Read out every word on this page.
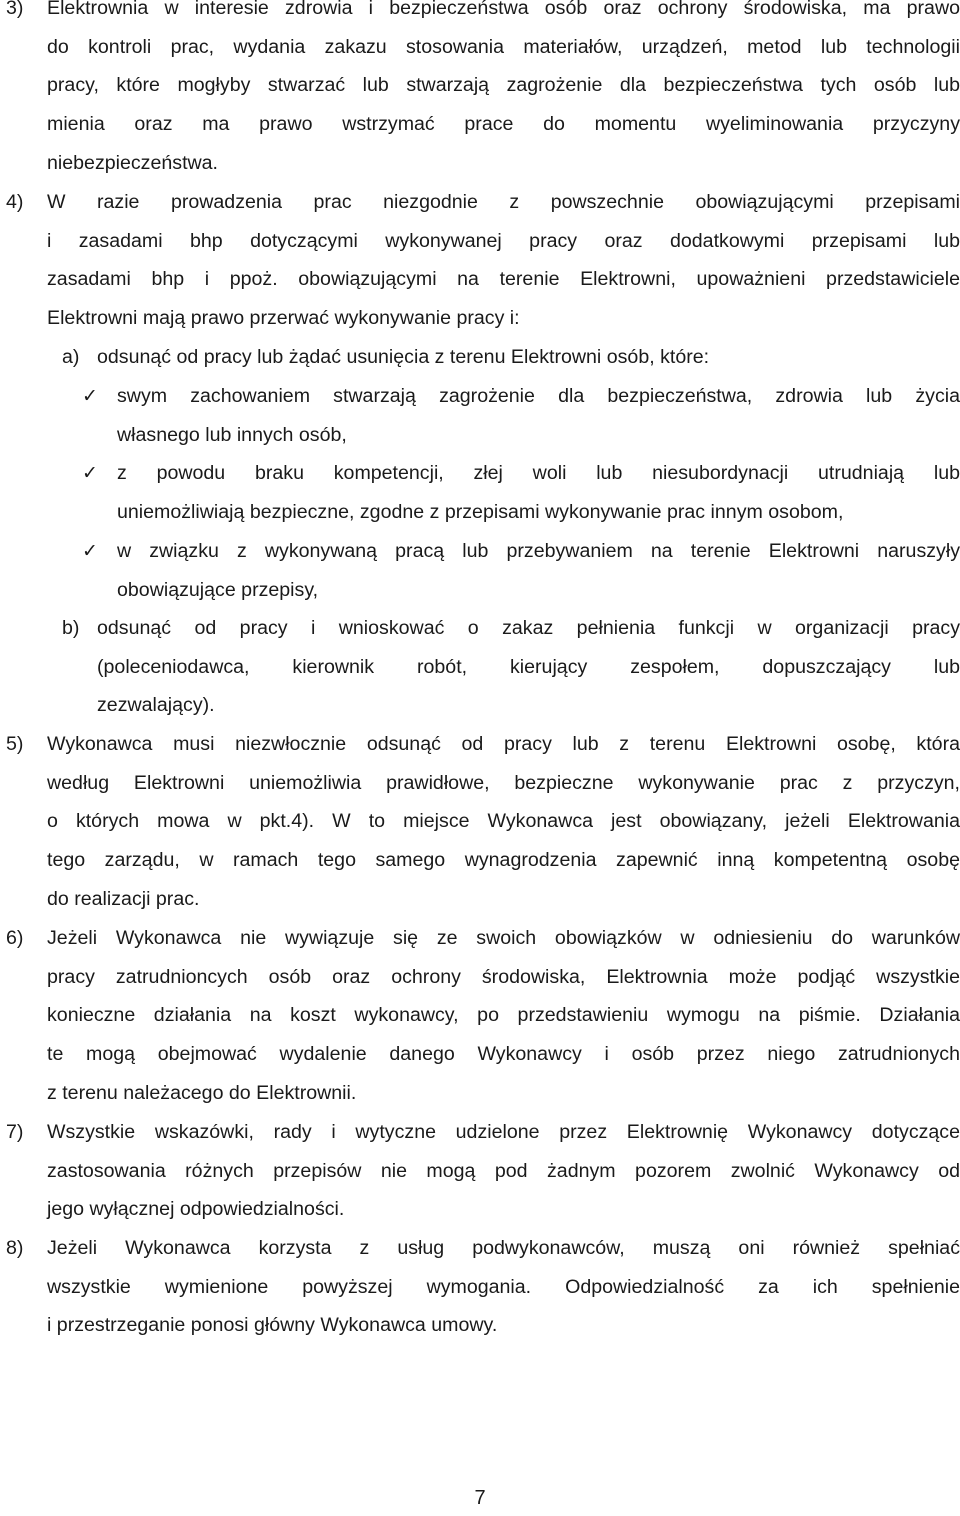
3) Elektrownia w interesie zdrowia i bezpieczeństwa osób oraz ochrony środowiska, ma prawo
do kontroli prac, wydania zakazu stosowania materiałów, urządzeń, metod lub technologii
pracy, które mogłyby stwarzać lub stwarzają zagrożenie dla bezpieczeństwa tych osób lub
mienia oraz ma prawo wstrzymać prace do momentu wyeliminowania przyczyny
niebezpieczeństwa.
4) W razie prowadzenia prac niezgodnie z powszechnie obowiązującymi przepisami
i zasadami bhp dotyczącymi wykonywanej pracy oraz dodatkowymi przepisami lub
zasadami bhp i ppoż. obowiązującymi na terenie Elektrowni, upoważnieni przedstawiciele
Elektrowni mają prawo przerwać wykonywanie pracy i:
a) odsunąć od pracy lub żądać usunięcia z terenu Elektrowni osób, które:
✓ swym zachowaniem stwarzają zagrożenie dla bezpieczeństwa, zdrowia lub życia
własnego lub innych osób,
✓ z powodu braku kompetencji, złej woli lub niesubordynacji utrudniają lub
uniemożliwiają bezpieczne, zgodne z przepisami wykonywanie prac innym osobom,
✓ w związku z wykonywaną pracą lub przebywaniem na terenie Elektrowni naruszyły
obowiązujące przepisy,
b) odsunąć od pracy i wnioskować o zakaz pełnienia funkcji w organizacji pracy
(poleceniodawca, kierownik robót, kierujący zespołem, dopuszczający lub
zezwalający).
5) Wykonawca musi niezwłocznie odsunąć od pracy lub z terenu Elektrowni osobę, która
według Elektrowni uniemożliwia prawidłowe, bezpieczne wykonywanie prac z przyczyn,
o których mowa w pkt.4). W to miejsce Wykonawca jest obowiązany, jeżeli Elektrowania
tego zarządu, w ramach tego samego wynagrodzenia zapewnić inną kompetentną osobę
do realizacji prac.
6) Jeżeli Wykonawca nie wywiązuje się ze swoich obowiązków w odniesieniu do warunków
pracy zatrudnioncych osób oraz ochrony środowiska, Elektrownia może podjąć wszystkie
konieczne działania na koszt wykonawcy, po przedstawieniu wymogu na piśmie. Działania
te mogą obejmować wydalenie danego Wykonawcy i osób przez niego zatrudnionych
z terenu należacego do Elektrownii.
7) Wszystkie wskazówki, rady i wytyczne udzielone przez Elektrownię Wykonawcy dotyczące
zastosowania różnych przepisów nie mogą pod żadnym pozorem zwolnić Wykonawcy od
jego wyłącznej odpowiedzialności.
8) Jeżeli Wykonawca korzysta z usług podwykonawców, muszą oni również spełniać
wszystkie wymienione powyższej wymogania. Odpowiedzialność za ich spełnienie
i przestrzeganie ponosi główny Wykonawca umowy.
7
